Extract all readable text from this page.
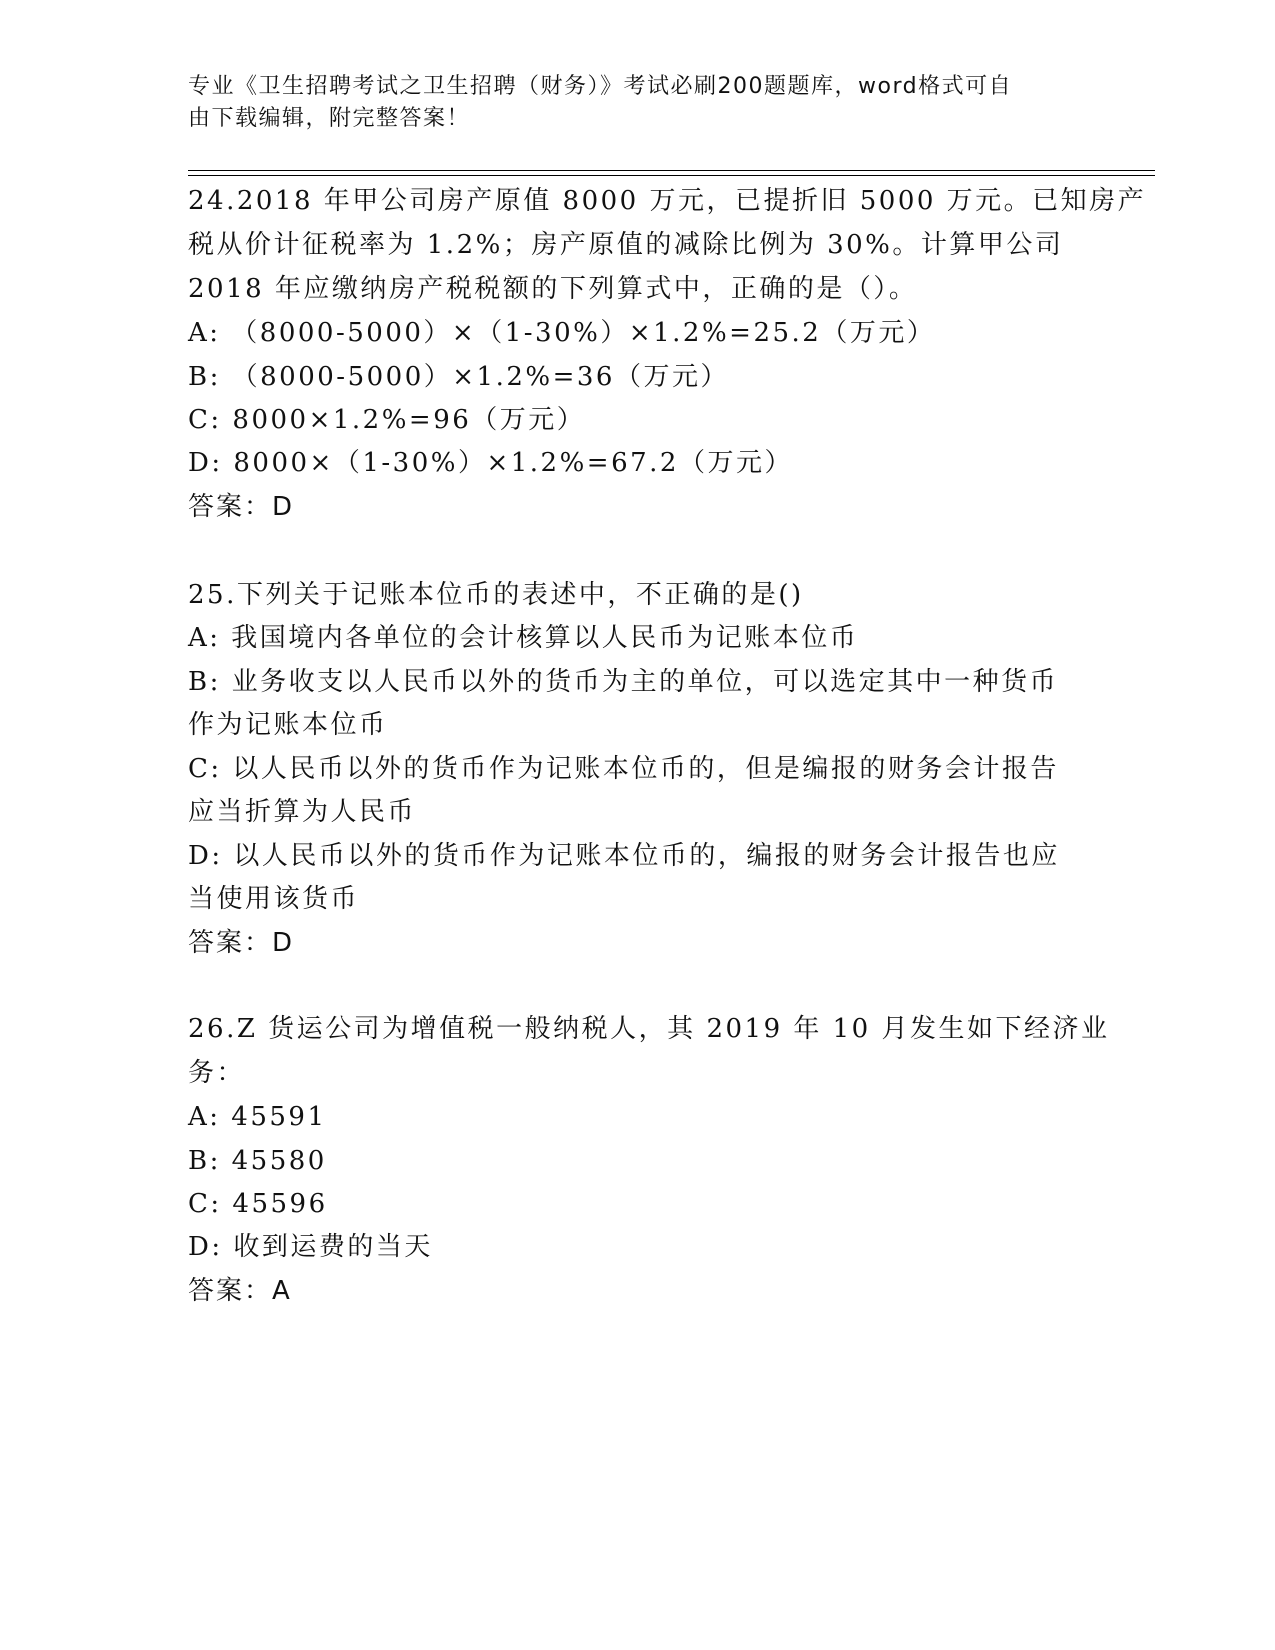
专业《卫生招聘考试之卫生招聘（财务）》考试必刷200题题库，word格式可自
由下载编辑，附完整答案！
24.2018 年甲公司房产原值 8000 万元，已提折旧 5000 万元。已知房产
税从价计征税率为 1.2%；房产原值的减除比例为 30%。计算甲公司
2018 年应缴纳房产税税额的下列算式中，正确的是（）。
A: （8000-5000）×（1-30%）×1.2%=25.2（万元）
B: （8000-5000）×1.2%=36（万元）
C: 8000×1.2%=96（万元）
D: 8000×（1-30%）×1.2%=67.2（万元）
答案：D
25.下列关于记账本位币的表述中，不正确的是()
A: 我国境内各单位的会计核算以人民币为记账本位币
B: 业务收支以人民币以外的货币为主的单位，可以选定其中一种货币
作为记账本位币
C: 以人民币以外的货币作为记账本位币的，但是编报的财务会计报告
应当折算为人民币
D: 以人民币以外的货币作为记账本位币的，编报的财务会计报告也应
当使用该货币
答案：D
26.Z 货运公司为增值税一般纳税人，其 2019 年 10 月发生如下经济业
务：
A: 45591
B: 45580
C: 45596
D: 收到运费的当天
答案：A
